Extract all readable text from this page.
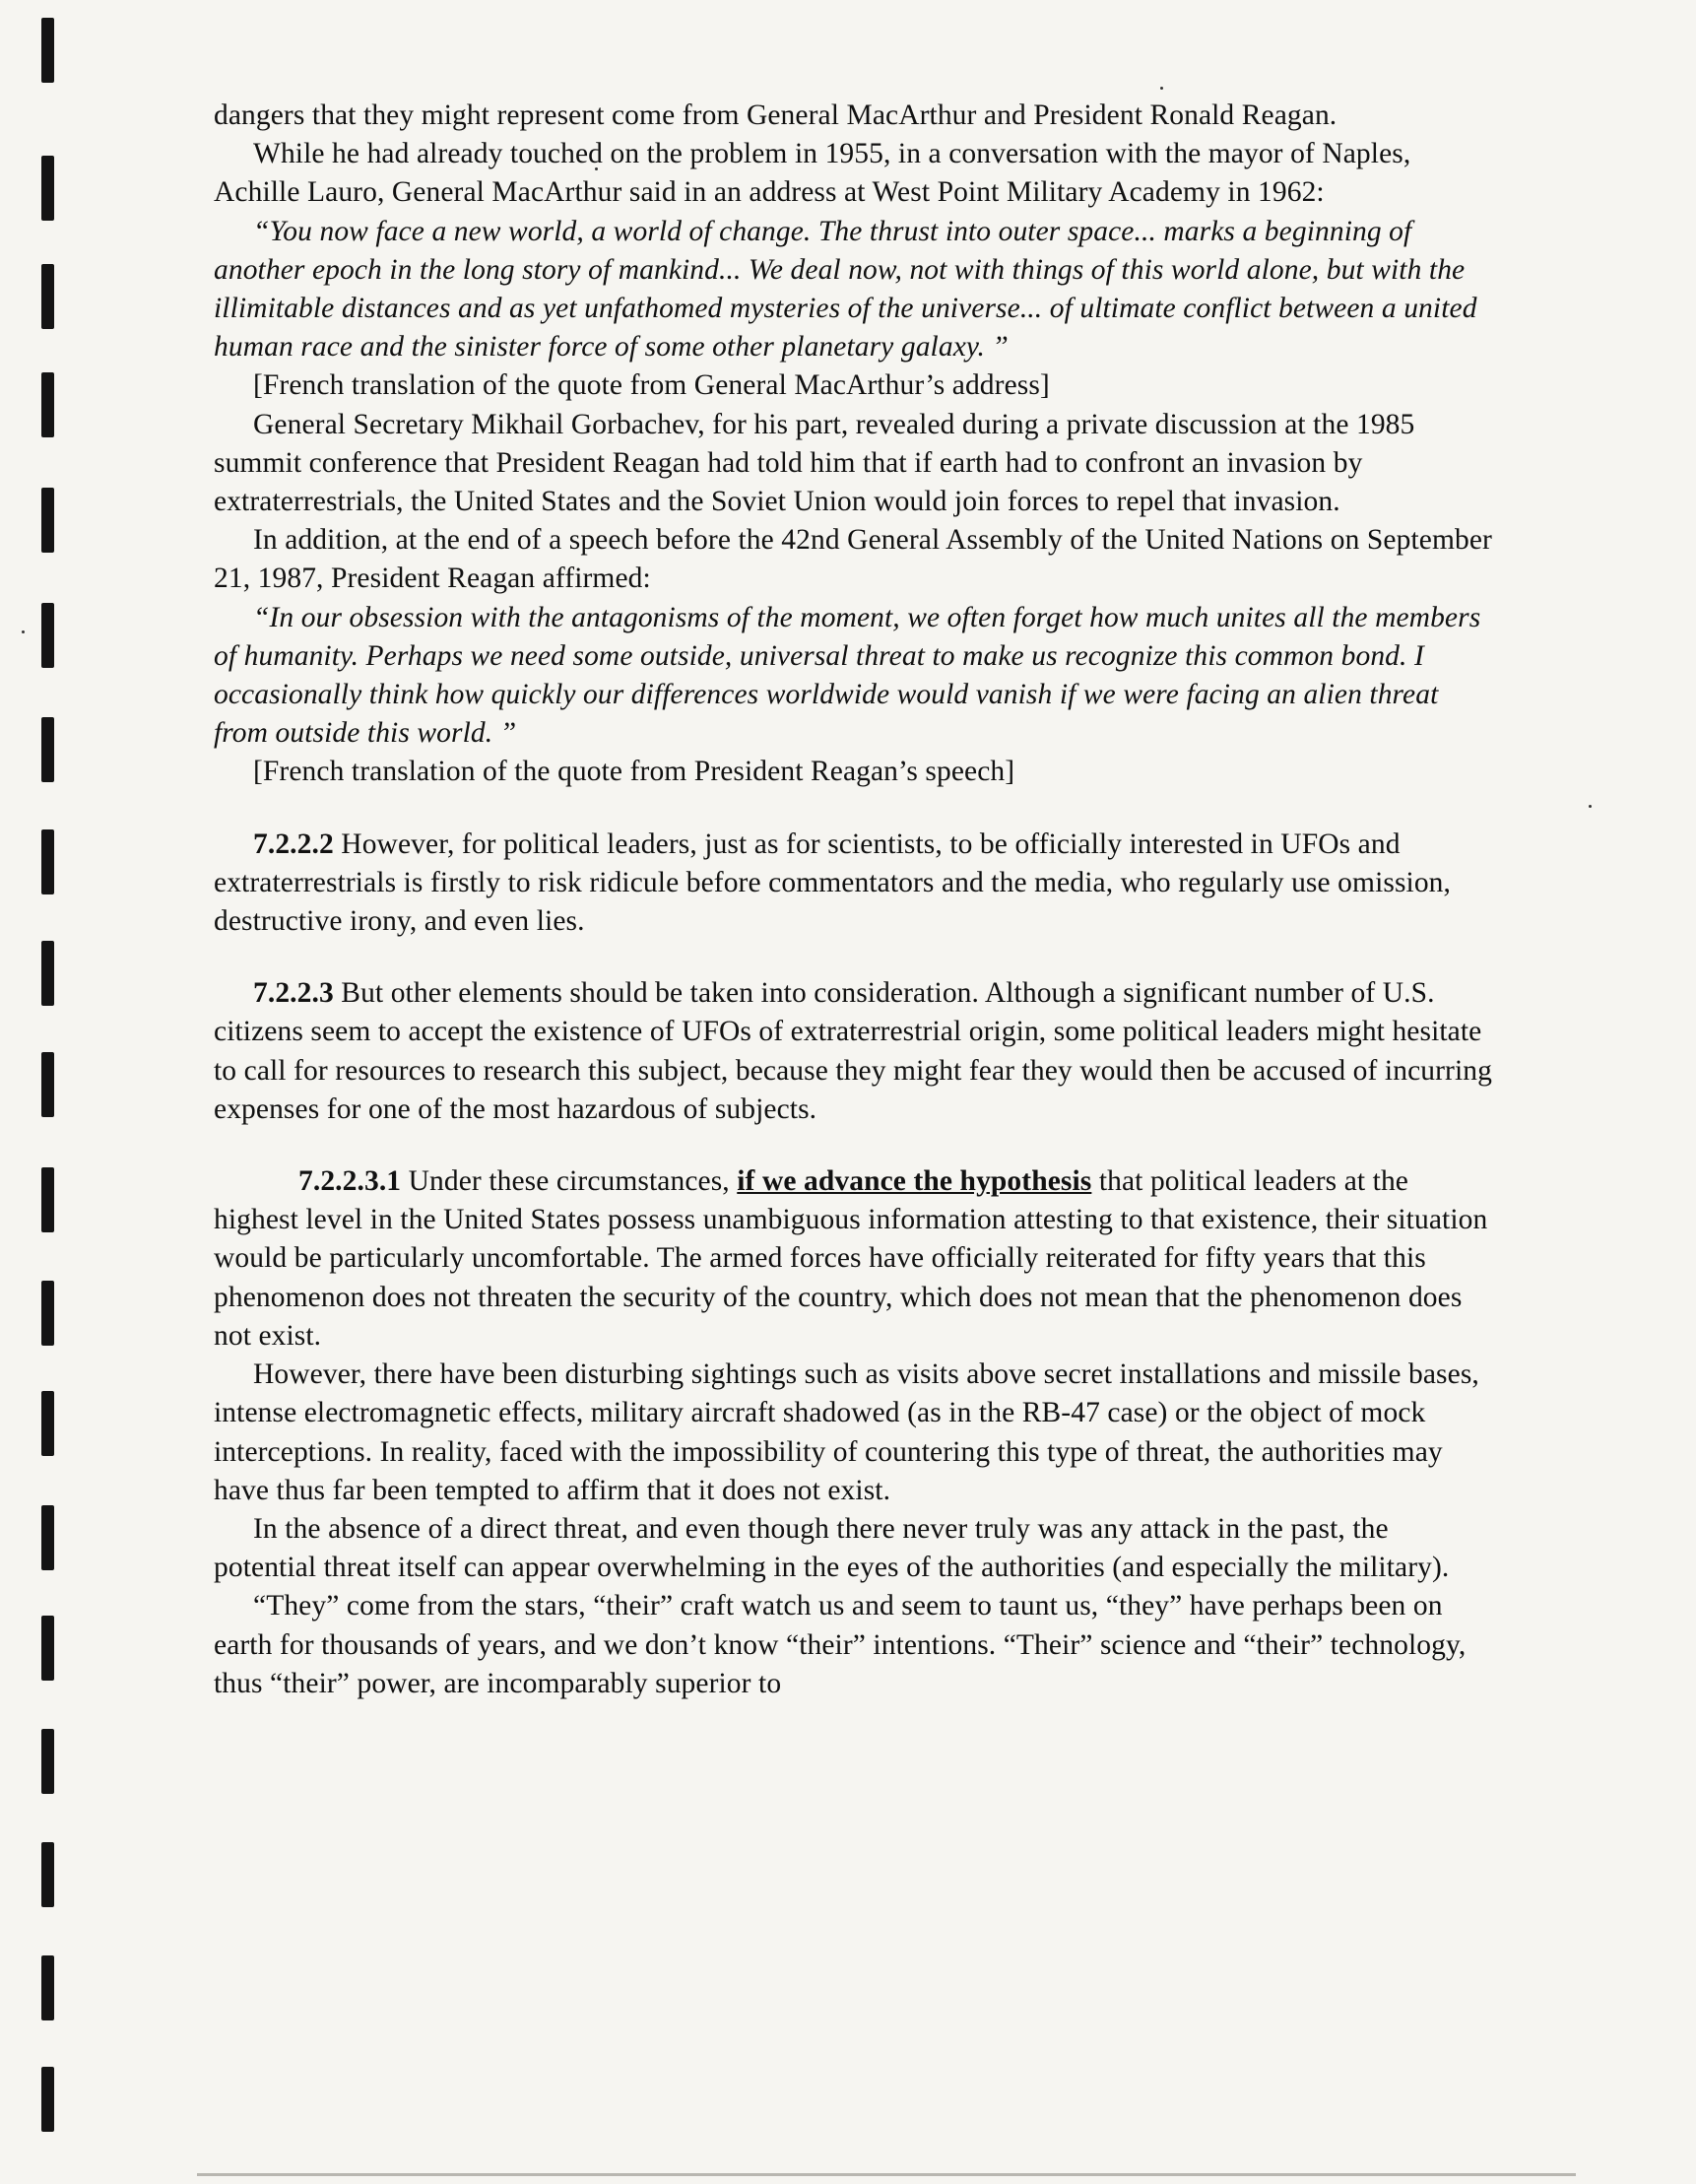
dangers that they might represent come from General MacArthur and President Ronald Reagan.

While he had already touched on the problem in 1955, in a conversation with the mayor of Naples, Achille Lauro, General MacArthur said in an address at West Point Military Academy in 1962:

“You now face a new world, a world of change. The thrust into outer space... marks a beginning of another epoch in the long story of mankind... We deal now, not with things of this world alone, but with the illimitable distances and as yet unfathomed mysteries of the universe... of ultimate conflict between a united human race and the sinister force of some other planetary galaxy. ”

[French translation of the quote from General MacArthur’s address]

General Secretary Mikhail Gorbachev, for his part, revealed during a private discussion at the 1985 summit conference that President Reagan had told him that if earth had to confront an invasion by extraterrestrials, the United States and the Soviet Union would join forces to repel that invasion.

In addition, at the end of a speech before the 42nd General Assembly of the United Nations on September 21, 1987, President Reagan affirmed:

“In our obsession with the antagonisms of the moment, we often forget how much unites all the members of humanity. Perhaps we need some outside, universal threat to make us recognize this common bond. I occasionally think how quickly our differences worldwide would vanish if we were facing an alien threat from outside this world. ”

[French translation of the quote from President Reagan’s speech]

7.2.2.2 However, for political leaders, just as for scientists, to be officially interested in UFOs and extraterrestrials is firstly to risk ridicule before commentators and the media, who regularly use omission, destructive irony, and even lies.

7.2.2.3 But other elements should be taken into consideration. Although a significant number of U.S. citizens seem to accept the existence of UFOs of extraterrestrial origin, some political leaders might hesitate to call for resources to research this subject, because they might fear they would then be accused of incurring expenses for one of the most hazardous of subjects.

7.2.2.3.1 Under these circumstances, if we advance the hypothesis that political leaders at the highest level in the United States possess unambiguous information attesting to that existence, their situation would be particularly uncomfortable. The armed forces have officially reiterated for fifty years that this phenomenon does not threaten the security of the country, which does not mean that the phenomenon does not exist.

However, there have been disturbing sightings such as visits above secret installations and missile bases, intense electromagnetic effects, military aircraft shadowed (as in the RB-47 case) or the object of mock interceptions. In reality, faced with the impossibility of countering this type of threat, the authorities may have thus far been tempted to affirm that it does not exist.

In the absence of a direct threat, and even though there never truly was any attack in the past, the potential threat itself can appear overwhelming in the eyes of the authorities (and especially the military).

“They” come from the stars, “their” craft watch us and seem to taunt us, “they” have perhaps been on earth for thousands of years, and we don’t know “their” intentions. “Their” science and “their” technology, thus “their” power, are incomparably superior to
